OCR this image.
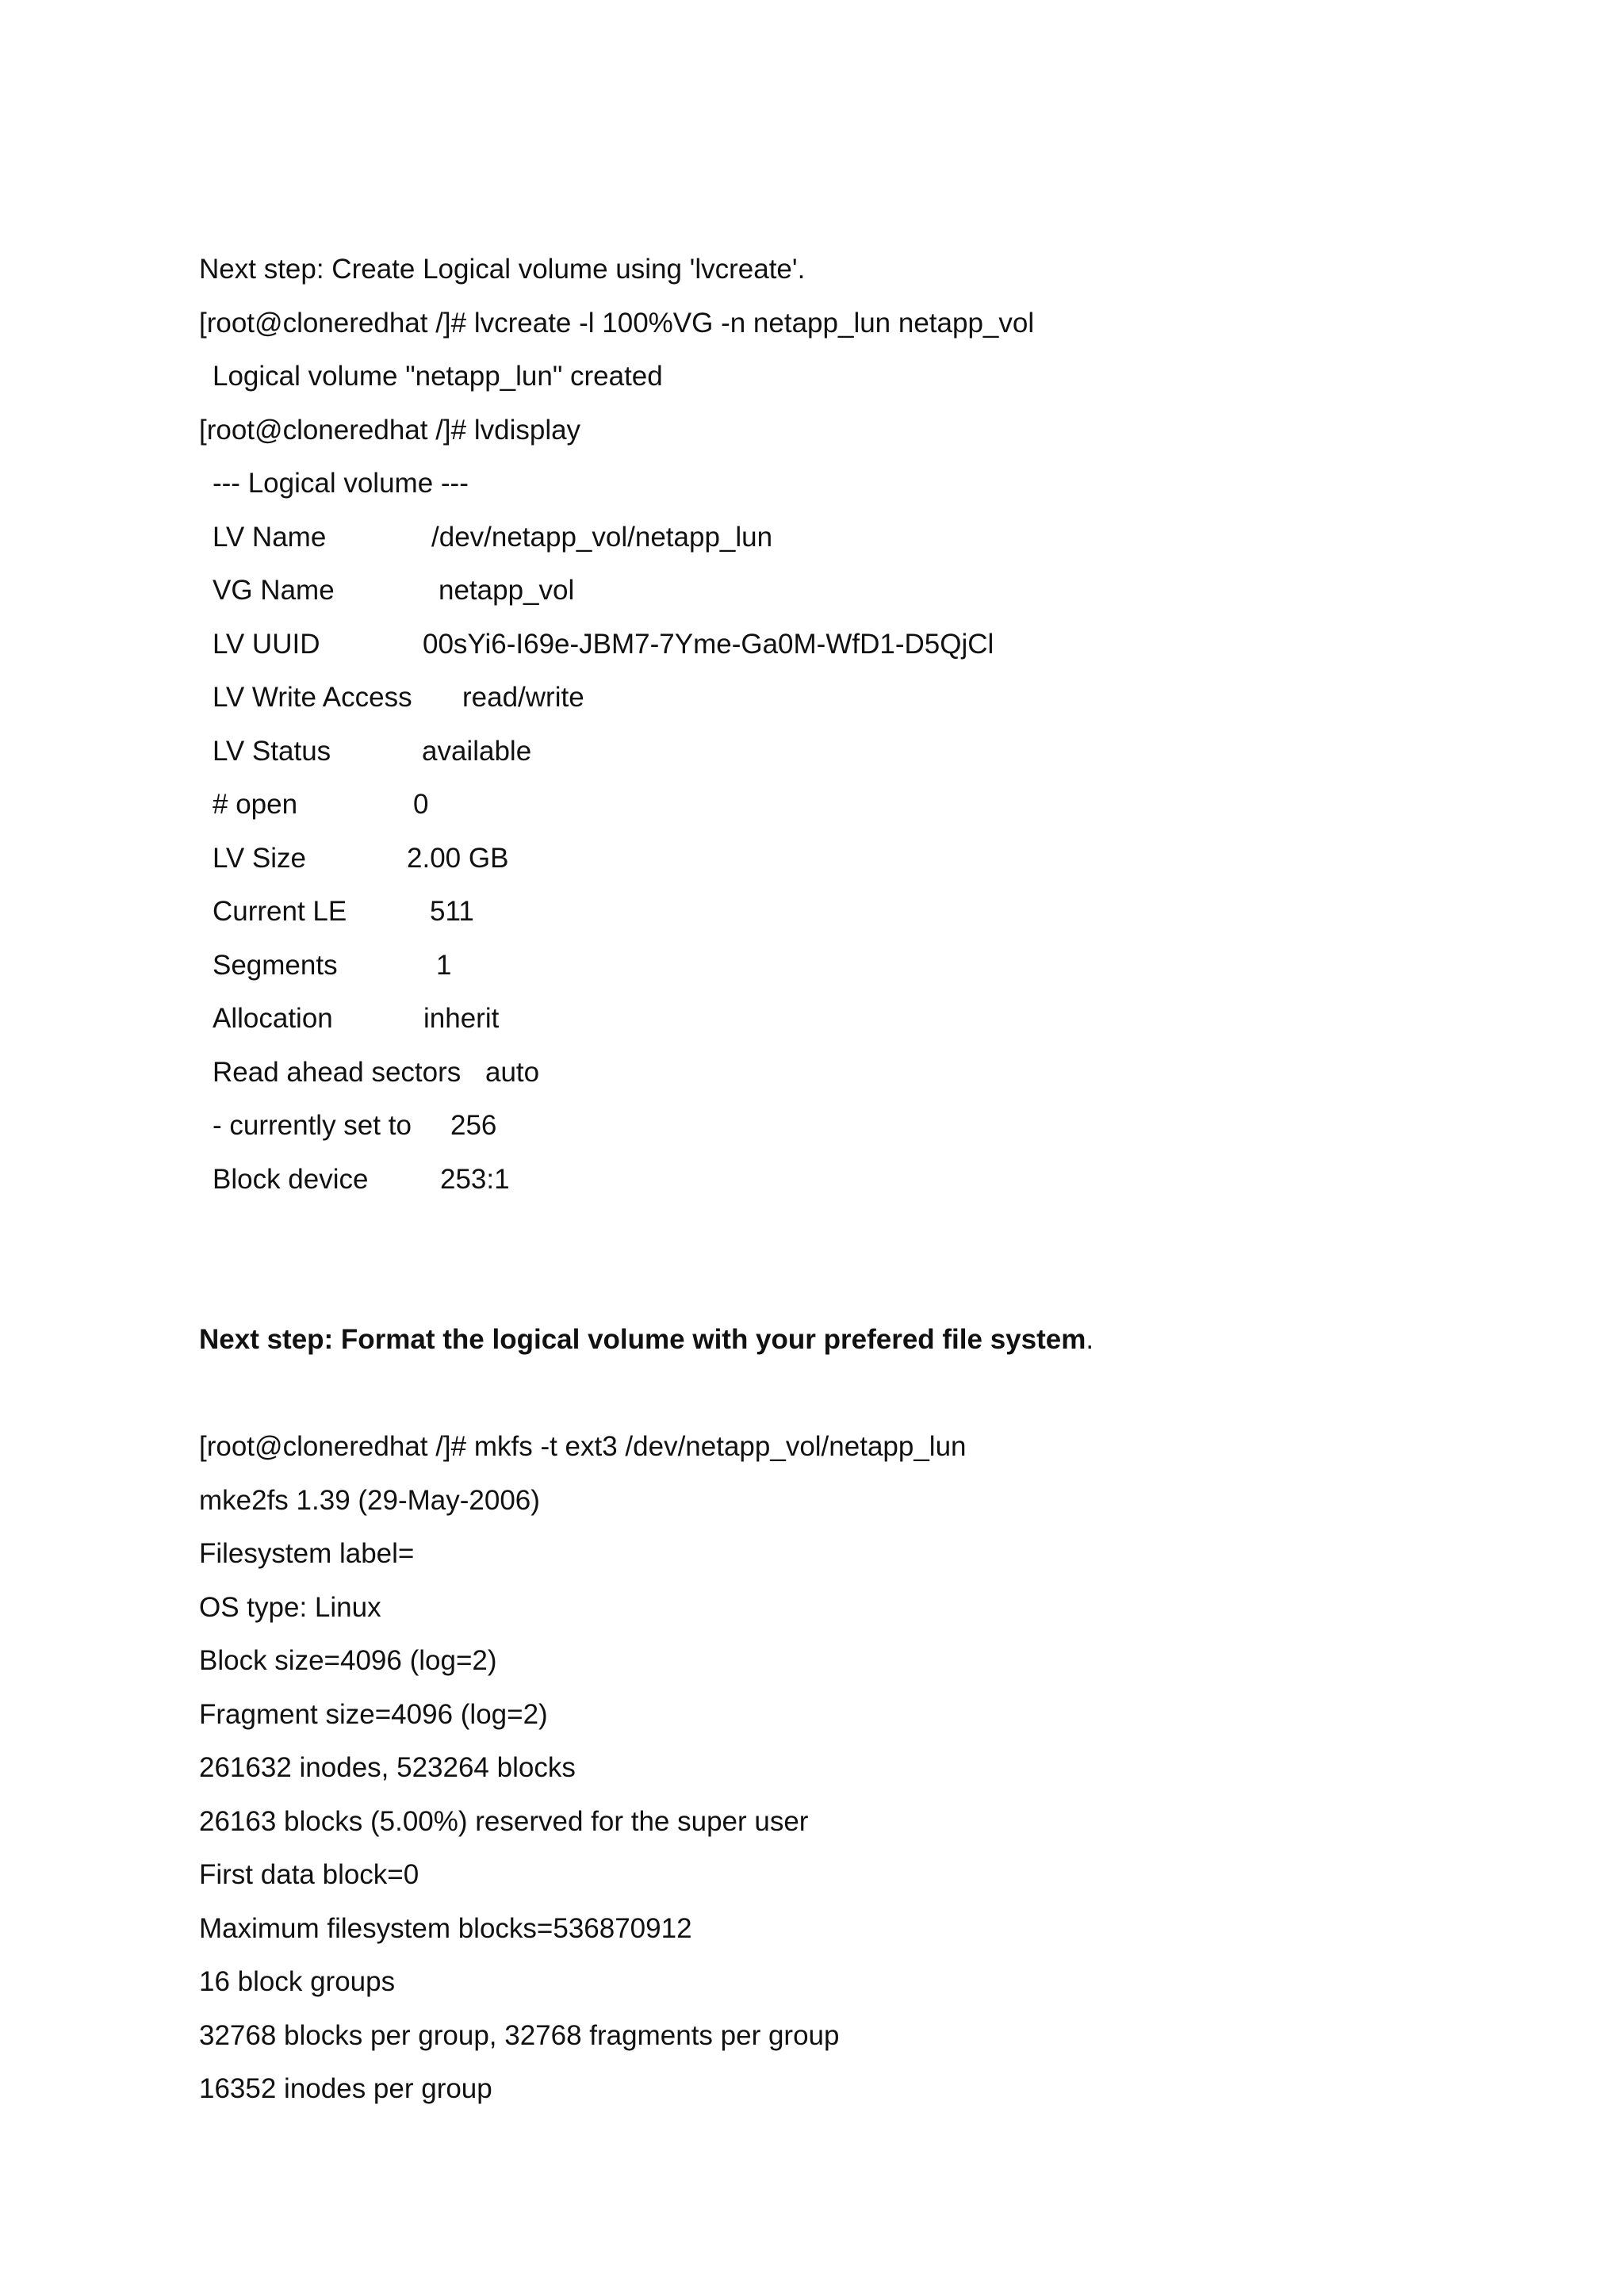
Next step: Create Logical volume using 'lvcreate'.
[root@cloneredhat /]# lvcreate -l 100%VG -n netapp_lun netapp_vol
Logical volume "netapp_lun" created
[root@cloneredhat /]# lvdisplay
--- Logical volume ---
LV Name	/dev/netapp_vol/netapp_lun
VG Name	netapp_vol
LV UUID	00sYi6-I69e-JBM7-7Yme-Ga0M-WfD1-D5QjCl
LV Write Access	read/write
LV Status	available
# open	0
LV Size	2.00 GB
Current LE	511
Segments	1
Allocation	inherit
Read ahead sectors auto
- currently set to	256
Block device	253:1
Next step: Format the logical volume with your prefered file system.
[root@cloneredhat /]# mkfs -t ext3 /dev/netapp_vol/netapp_lun
mke2fs 1.39 (29-May-2006)
Filesystem label=
OS type: Linux
Block size=4096 (log=2)
Fragment size=4096 (log=2)
261632 inodes, 523264 blocks
26163 blocks (5.00%) reserved for the super user
First data block=0
Maximum filesystem blocks=536870912
16 block groups
32768 blocks per group, 32768 fragments per group
16352 inodes per group
